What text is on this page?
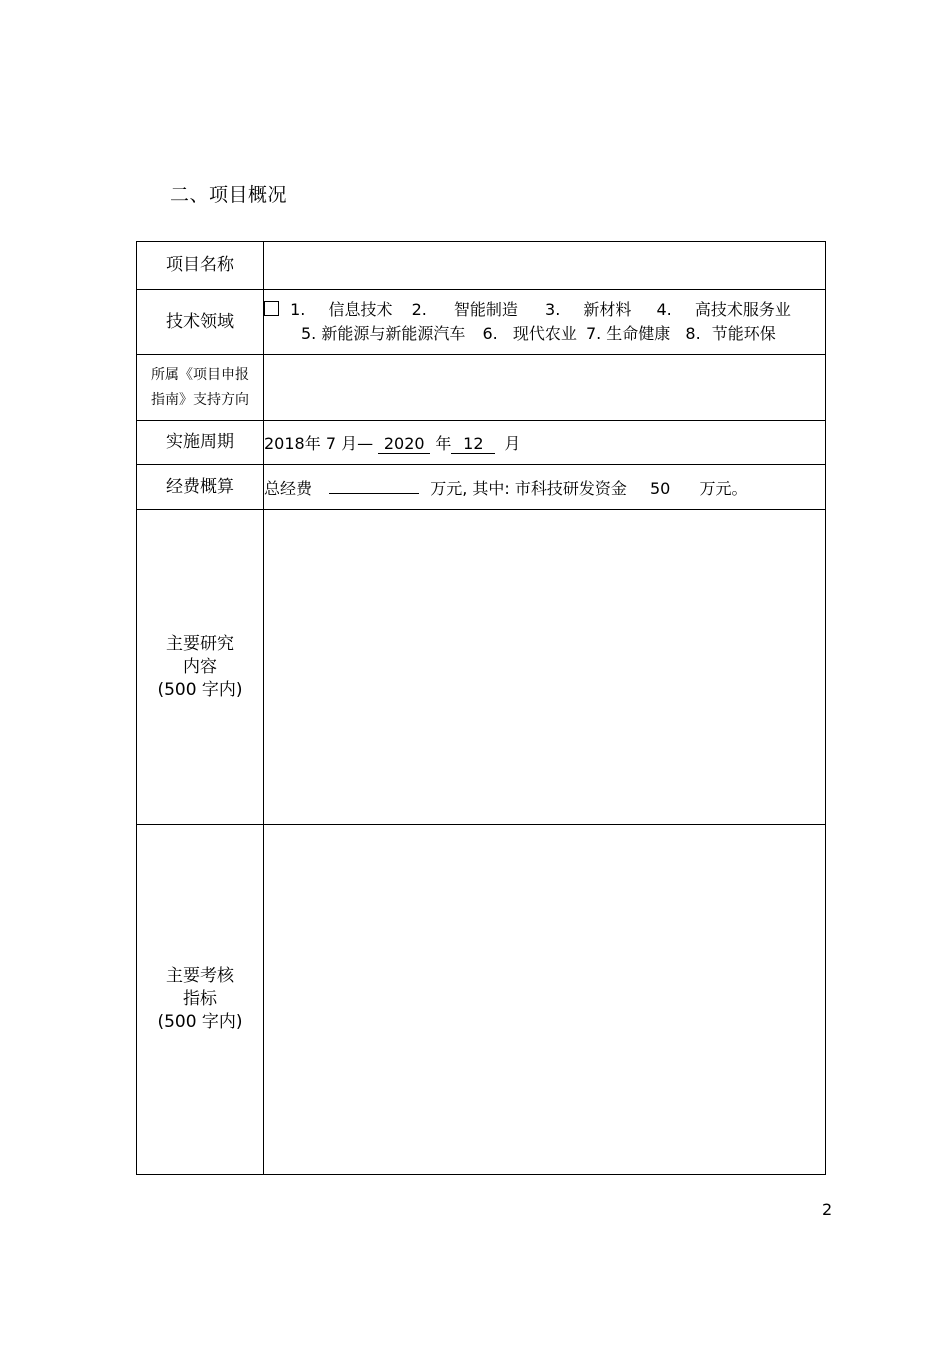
二、项目概况
项目名称	
技术领域	1. 信息技术 2. 智能制造 3. 新材料 4. 高技术服务业
5. 新能源与新能源汽车 6. 现代农业 7. 生命健康 8. 节能环保

所属《项目申报
指南》支持方向	
实施周期	2018年 7 月— 2020 年 12 月
经费概算	总经费 万元, 其中: 市科技研发资金 50 万元。
主要研究
内容
(500 字内)	
主要考核
指标
(500 字内)	
2
